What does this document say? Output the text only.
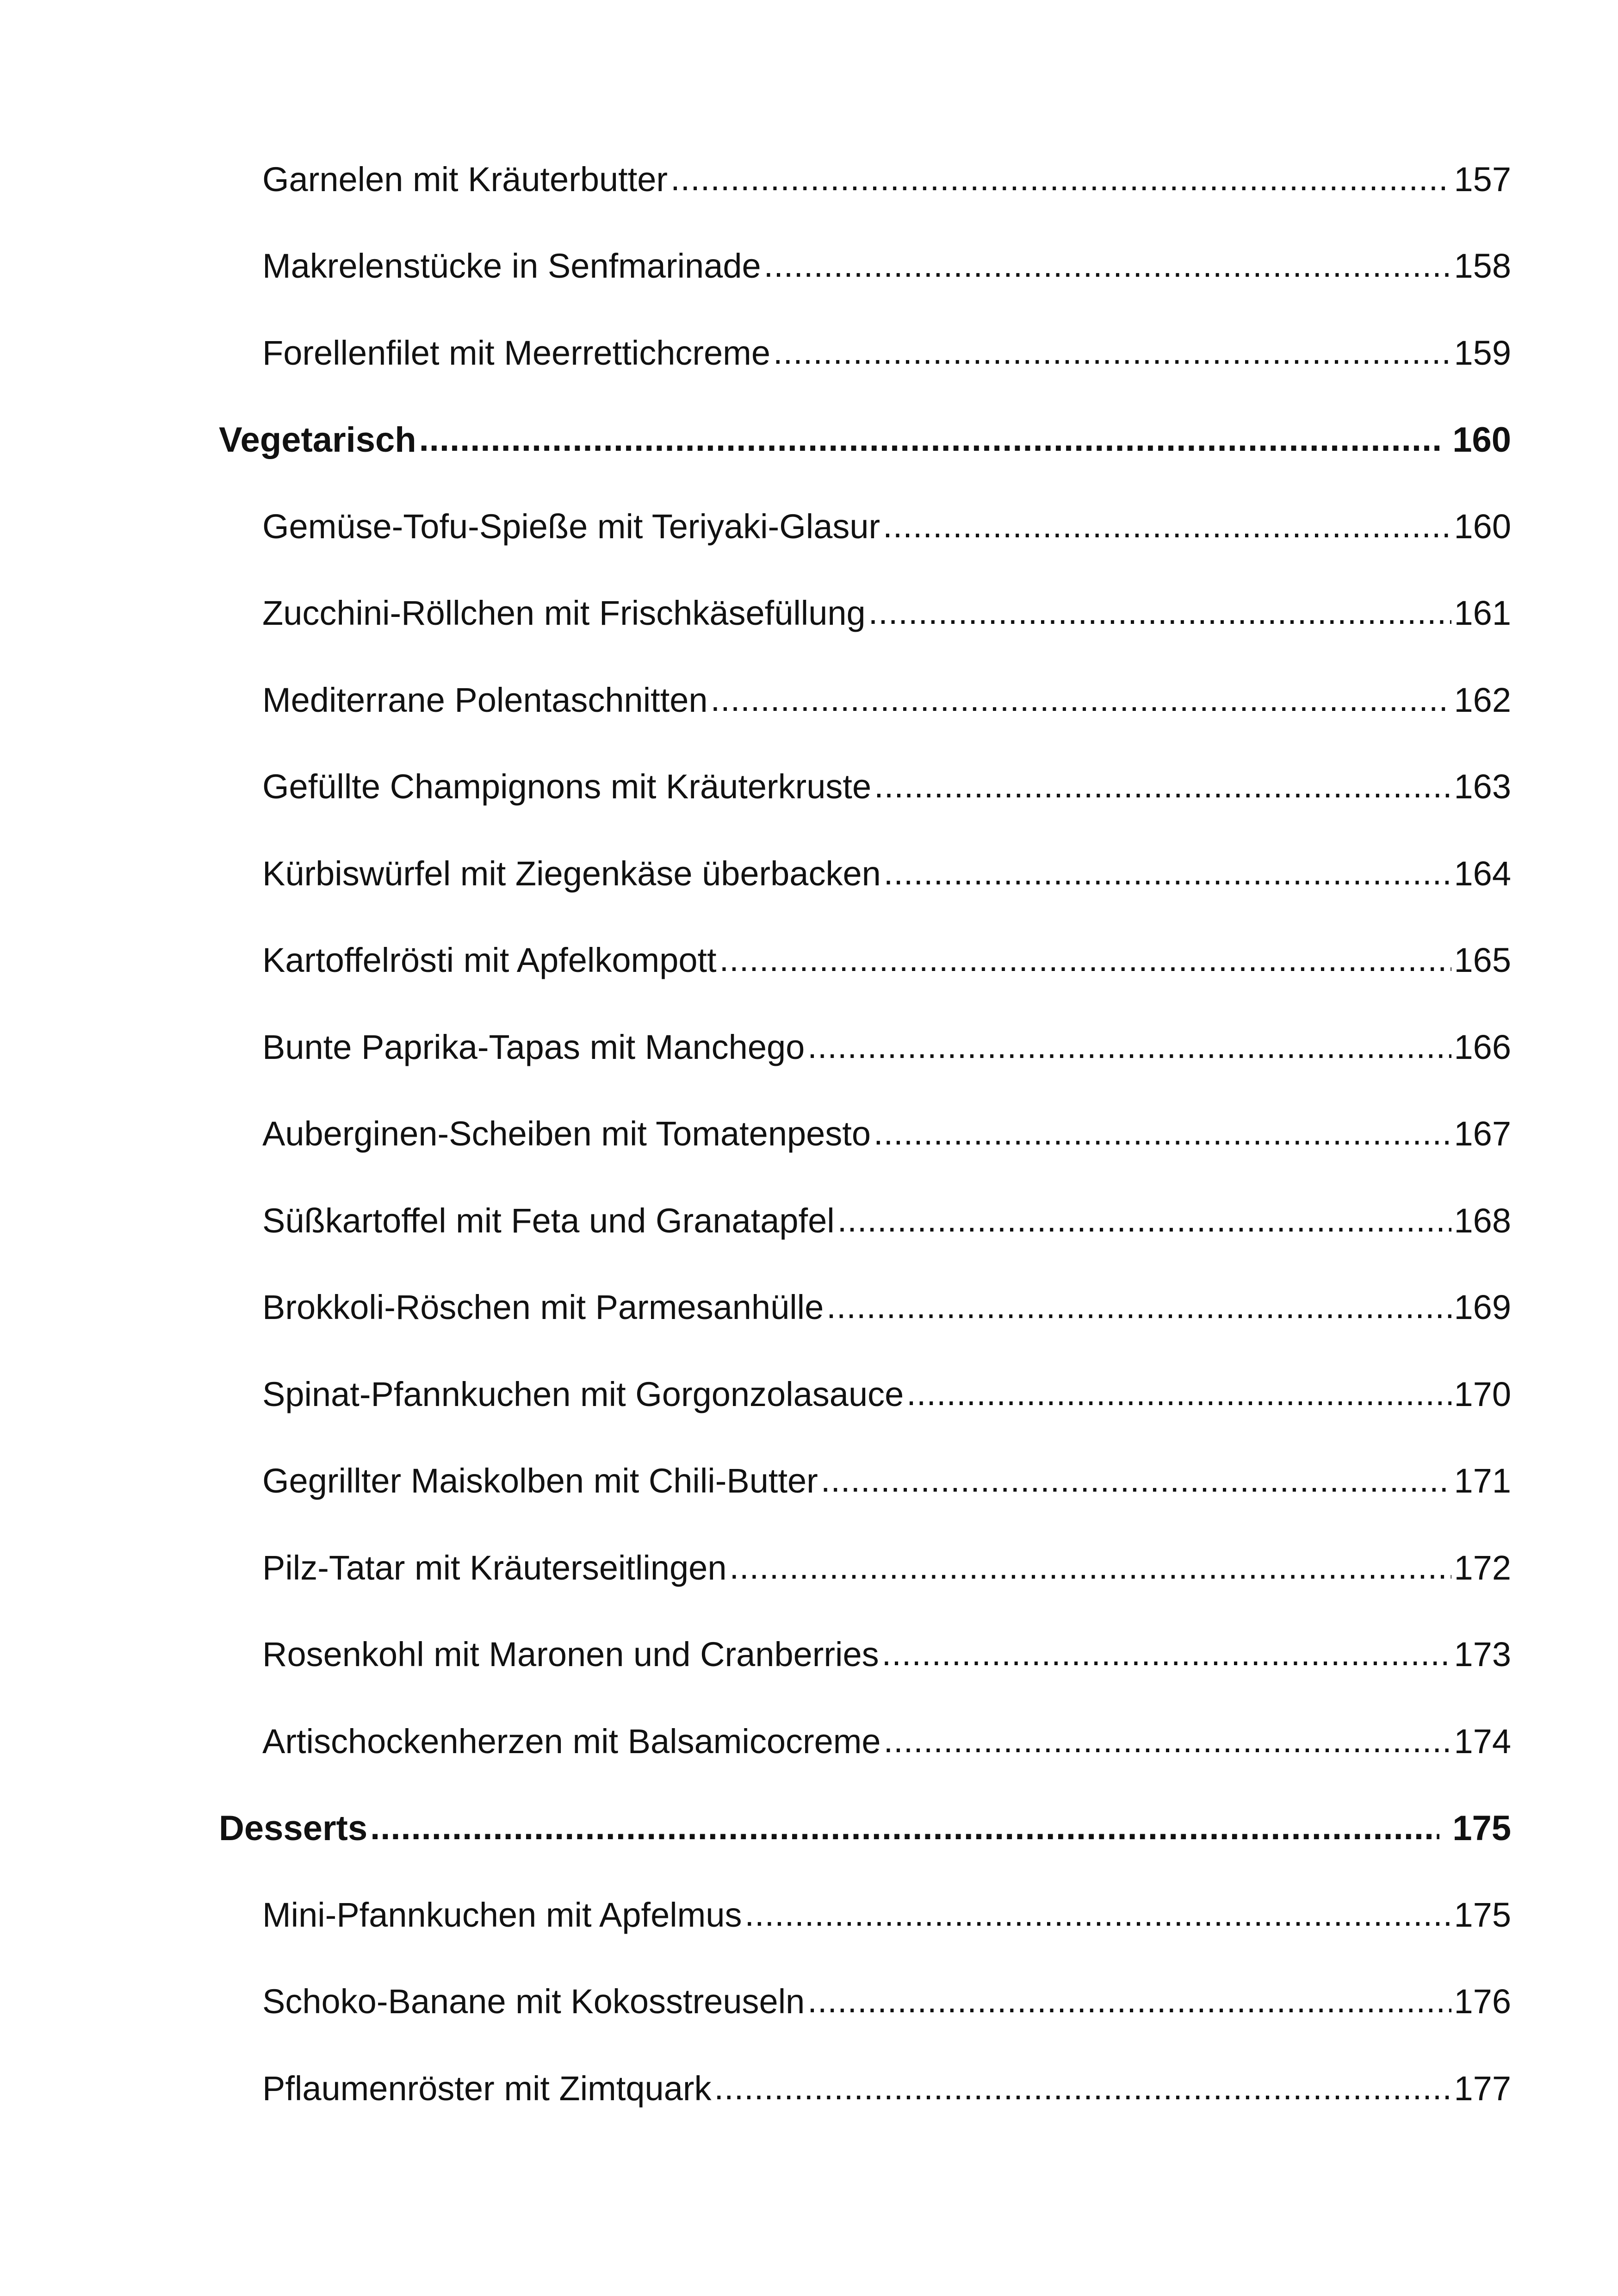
Garnelen mit Kräuterbutter .....	157
Makrelenstücke in Senfmarinade .....	158
Forellenfilet mit Meerrettichcreme .....	159
Vegetarisch .....	160
Gemüse-Tofu-Spieße mit Teriyaki-Glasur .....	160
Zucchini-Röllchen mit Frischkäsefüllung .....	161
Mediterrane Polentaschnitten .....	162
Gefüllte Champignons mit Kräuterkruste .....	163
Kürbiswürfel mit Ziegenkäse überbacken .....	164
Kartoffelrösti mit Apfelkompott .....	165
Bunte Paprika-Tapas mit Manchego .....	166
Auberginen-Scheiben mit Tomatenpesto .....	167
Süßkartoffel mit Feta und Granatapfel .....	168
Brokkoli-Röschen mit Parmesanhülle .....	169
Spinat-Pfannkuchen mit Gorgonzolasauce .....	170
Gegrillter Maiskolben mit Chili-Butter .....	171
Pilz-Tatar mit Kräuterseitlingen .....	172
Rosenkohl mit Maronen und Cranberries .....	173
Artischockenherzen mit Balsamicocreme .....	174
Desserts .....	175
Mini-Pfannkuchen mit Apfelmus .....	175
Schoko-Banane mit Kokosstreuseln .....	176
Pflaumenröster mit Zimtquark .....	177
